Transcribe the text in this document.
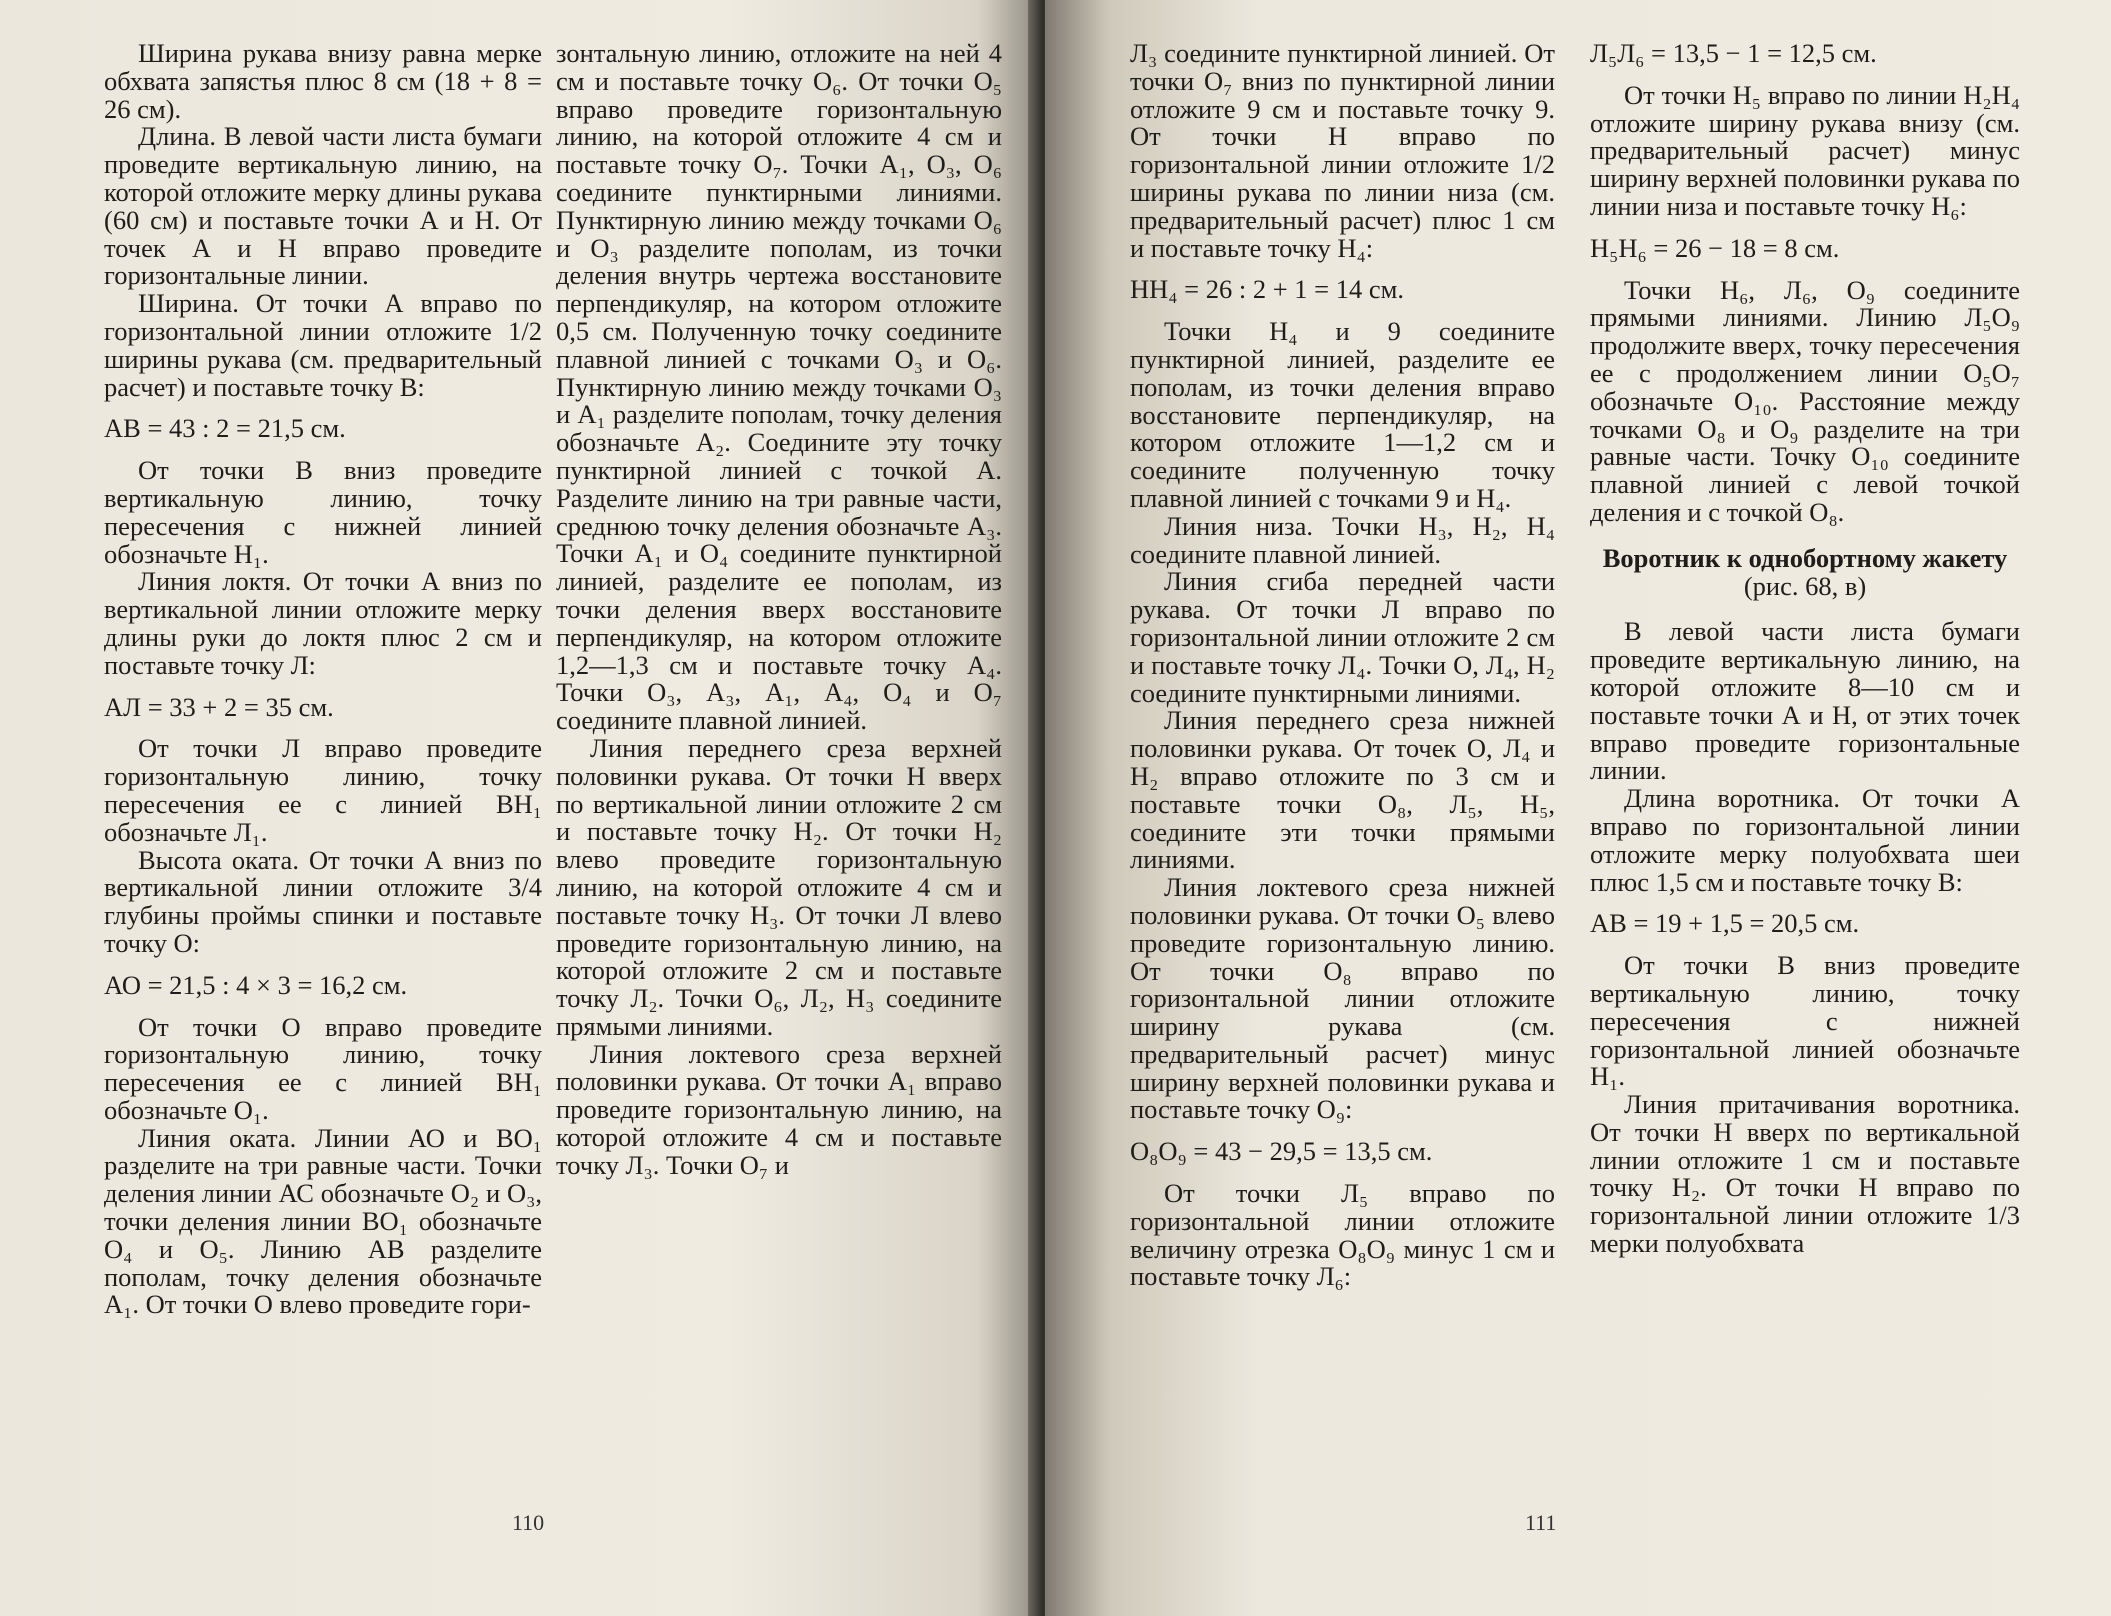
Ширина рукава внизу равна мерке обхвата запястья плюс 8 см (18 + 8 = 26 см).

Длина. В левой части листа бумаги проведите вертикальную линию, на которой отложите мерку длины рукава (60 см) и поставьте точки А и Н. От точек А и Н вправо проведите горизонтальные линии.

Ширина. От точки А вправо по горизонтальной линии отложите 1/2 ширины рукава (см. предварительный расчет) и поставьте точку В:

АВ = 43 : 2 = 21,5 см.

От точки В вниз проведите вертикальную линию, точку пересечения с нижней линией обозначьте Н₁.

Линия локтя. От точки А вниз по вертикальной линии отложите мерку длины руки до локтя плюс 2 см и поставьте точку Л:

АЛ = 33 + 2 = 35 см.

От точки Л вправо проведите горизонтальную линию, точку пересечения ее с линией ВН₁ обозначьте Л₁.

Высота оката. От точки А вниз по вертикальной линии отложите 3/4 глубины проймы спинки и поставьте точку О:

АО = 21,5 : 4 × 3 = 16,2 см.

От точки О вправо проведите горизонтальную линию, точку пересечения ее с линией ВН₁ обозначьте О₁.

Линия оката. Линии АО и ВО₁ разделите на три равные части. Точки деления линии АС обозначьте О₂ и О₃, точки деления линии ВО₁ обозначьте О₄ и О₅. Линию АВ разделите пополам, точку деления обозначьте А₁. От точки О влево проведите гори-

зонтальную линию, отложите на ней 4 см и поставьте точку О₆. От точки О₅ вправо проведите горизонтальную линию, на которой отложите 4 см и поставьте точку О₇. Точки А₁, О₃, О₆ соедините пунктирными линиями. Пунктирную линию между точками О₆ и О₃ разделите пополам, из точки деления внутрь чертежа восстановите перпендикуляр, на котором отложите 0,5 см. Полученную точку соедините плавной линией с точками О₃ и О₆. Пунктирную линию между точками О₃ и А₁ разделите пополам, точку деления обозначьте А₂. Соедините эту точку пунктирной линией с точкой А. Разделите линию на три равные части, среднюю точку деления обозначьте А₃. Точки А₁ и О₄ соедините пунктирной линией, разделите ее пополам, из точки деления вверх восстановите перпендикуляр, на котором отложите 1,2—1,3 см и поставьте точку А₄. Точки О₃, А₃, А₁, А₄, О₄ и О₇ соедините плавной линией.

Линия переднего среза верхней половинки рукава. От точки Н вверх по вертикальной линии отложите 2 см и поставьте точку Н₂. От точки Н₂ влево проведите горизонтальную линию, на которой отложите 4 см и поставьте точку Н₃. От точки Л влево проведите горизонтальную линию, на которой отложите 2 см и поставьте точку Л₂. Точки О₆, Л₂, Н₃ соедините прямыми линиями.

Линия локтевого среза верхней половинки рукава. От точки А₁ вправо проведите горизонтальную линию, на которой отложите 4 см и поставьте точку Л₃. Точки О₇ и

110

Л₃ соедините пунктирной линией. От точки О₇ вниз по пунктирной линии отложите 9 см и поставьте точку 9. От точки Н вправо по горизонтальной линии отложите 1/2 ширины рукава по линии низа (см. предварительный расчет) плюс 1 см и поставьте точку Н₄:

НН₄ = 26 : 2 + 1 = 14 см.

Точки Н₄ и 9 соедините пунктирной линией, разделите ее пополам, из точки деления вправо восстановите перпендикуляр, на котором отложите 1—1,2 см и соедините полученную точку плавной линией с точками 9 и Н₄.

Линия низа. Точки Н₃, Н₂, Н₄ соедините плавной линией.

Линия сгиба передней части рукава. От точки Л вправо по горизонтальной линии отложите 2 см и поставьте точку Л₄. Точки О, Л₄, Н₂ соедините пунктирными линиями.

Линия переднего среза нижней половинки рукава. От точек О, Л₄ и Н₂ вправо отложите по 3 см и поставьте точки О₈, Л₅, Н₅, соедините эти точки прямыми линиями.

Линия локтевого среза нижней половинки рукава. От точки О₅ влево проведите горизонтальную линию. От точки О₈ вправо по горизонтальной линии отложите ширину рукава (см. предварительный расчет) минус ширину верхней половинки рукава и поставьте точку О₉:

О₈О₉ = 43 − 29,5 = 13,5 см.

От точки Л₅ вправо по горизонтальной линии отложите величину отрезка О₈О₉ минус 1 см и поставьте точку Л₆:

Л₅Л₆ = 13,5 − 1 = 12,5 см.

От точки Н₅ вправо по линии Н₂Н₄ отложите ширину рукава внизу (см. предварительный расчет) минус ширину верхней половинки рукава по линии низа и поставьте точку Н₆:

Н₅Н₆ = 26 − 18 = 8 см.

Точки Н₆, Л₆, О₉ соедините прямыми линиями. Линию Л₅О₉ продолжите вверх, точку пересечения ее с продолжением линии О₅О₇ обозначьте О₁₀. Расстояние между точками О₈ и О₉ разделите на три равные части. Точку О₁₀ соедините плавной линией с левой точкой деления и с точкой О₈.

Воротник к однобортному жакету

(рис. 68, в)

В левой части листа бумаги проведите вертикальную линию, на которой отложите 8—10 см и поставьте точки А и Н, от этих точек вправо проведите горизонтальные линии.

Длина воротника. От точки А вправо по горизонтальной линии отложите мерку полуобхвата шеи плюс 1,5 см и поставьте точку В:

АВ = 19 + 1,5 = 20,5 см.

От точки В вниз проведите вертикальную линию, точку пересечения с нижней горизонтальной линией обозначьте Н₁.

Линия притачивания воротника. От точки Н вверх по вертикальной линии отложите 1 см и поставьте точку Н₂. От точки Н вправо по горизонтальной линии отложите 1/3 мерки полуобхвата

111
